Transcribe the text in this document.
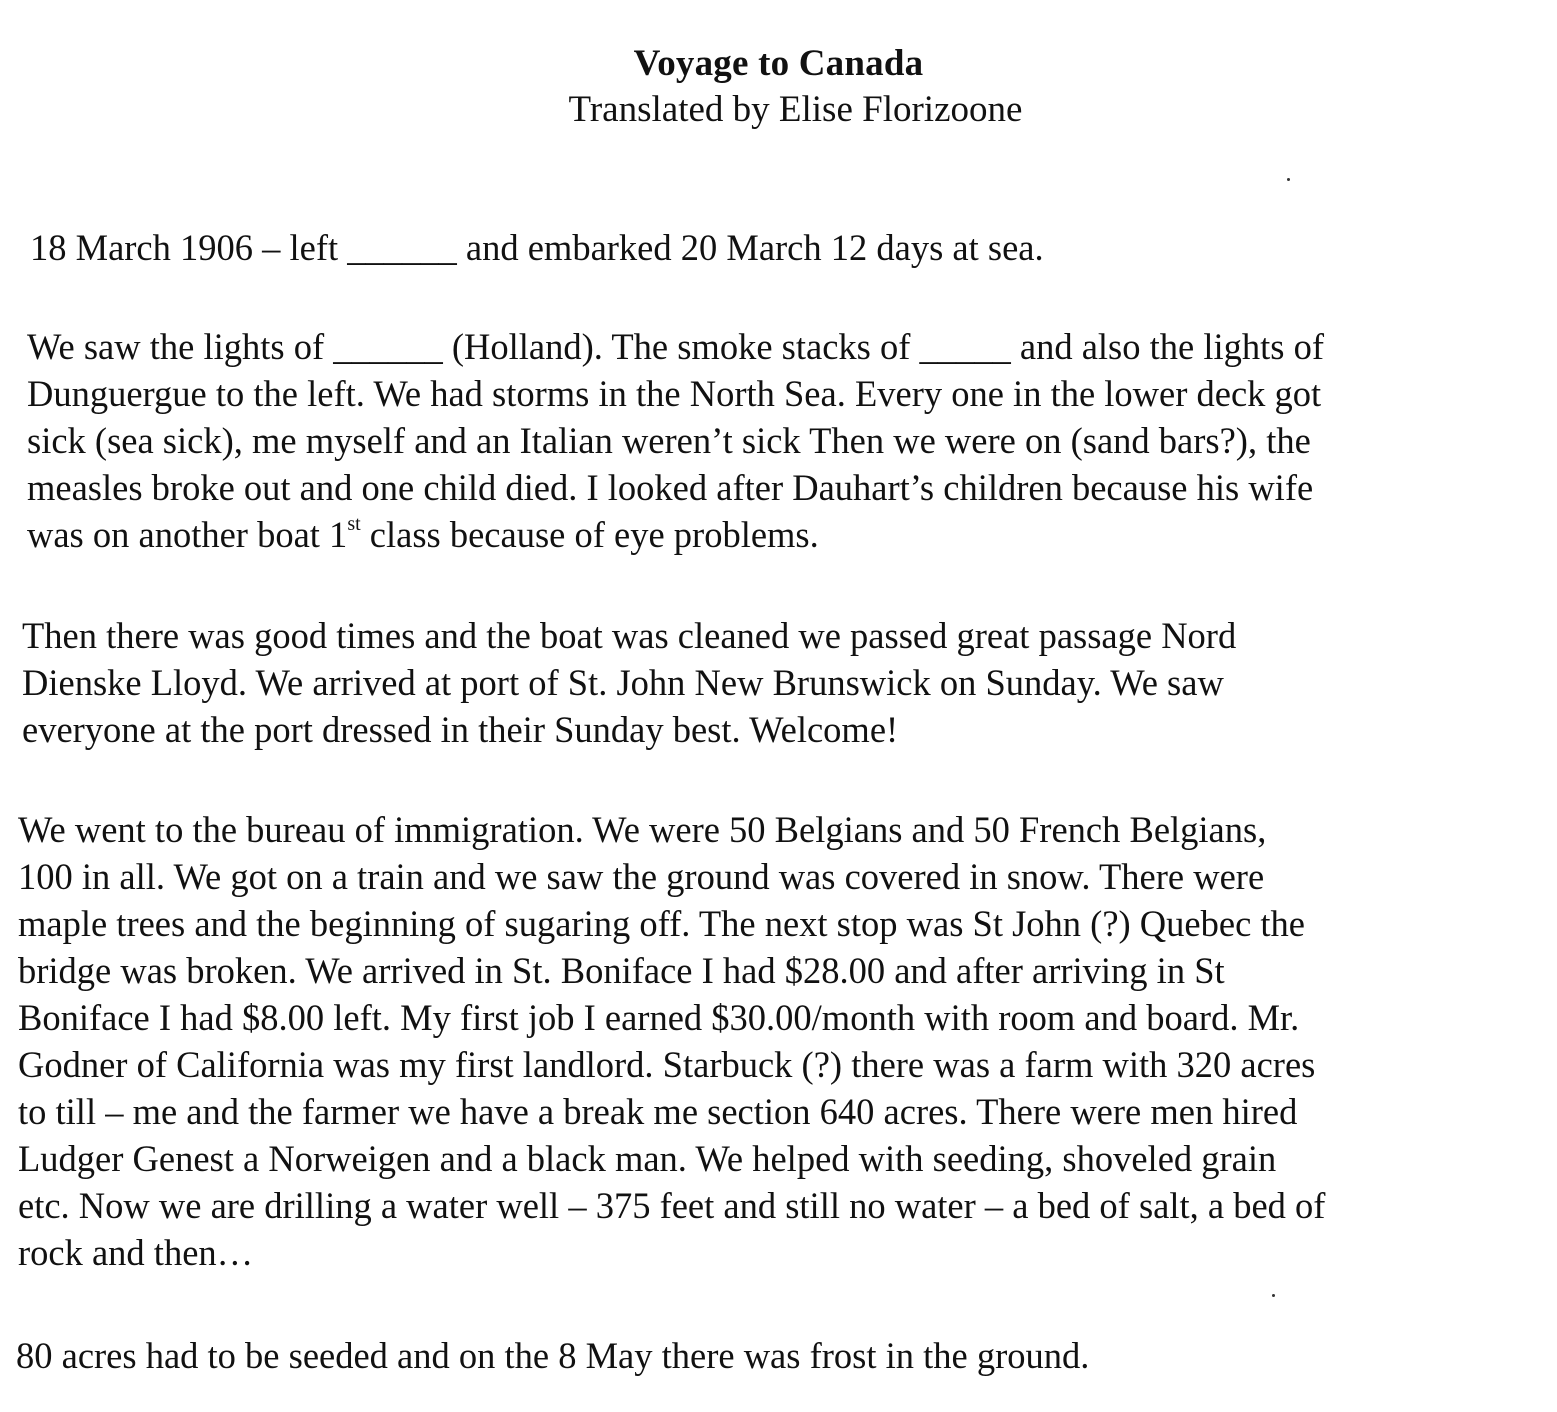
Voyage to Canada
Translated by Elise Florizoone

18 March 1906 – left ______ and embarked 20 March 12 days at sea.

We saw the lights of ______ (Holland). The smoke stacks of _____ and also the lights of
Dunguergue to the left. We had storms in the North Sea. Every one in the lower deck got
sick (sea sick), me myself and an Italian weren’t sick Then we were on (sand bars?), the
measles broke out and one child died. I looked after Dauhart’s children because his wife
was on another boat 1st class because of eye problems.

Then there was good times and the boat was cleaned we passed great passage Nord
Dienske Lloyd. We arrived at port of St. John New Brunswick on Sunday. We saw
everyone at the port dressed in their Sunday best. Welcome!

We went to the bureau of immigration. We were 50 Belgians and 50 French Belgians,
100 in all. We got on a train and we saw the ground was covered in snow. There were
maple trees and the beginning of sugaring off. The next stop was St John (?) Quebec the
bridge was broken. We arrived in St. Boniface I had $28.00 and after arriving in St
Boniface I had $8.00 left. My first job I earned $30.00/month with room and board. Mr.
Godner of California was my first landlord. Starbuck (?) there was a farm with 320 acres
to till – me and the farmer we have a break me section 640 acres. There were men hired
Ludger Genest a Norweigen and a black man. We helped with seeding, shoveled grain
etc. Now we are drilling a water well – 375 feet and still no water – a bed of salt, a bed of
rock and then…

80 acres had to be seeded and on the 8 May there was frost in the ground.
